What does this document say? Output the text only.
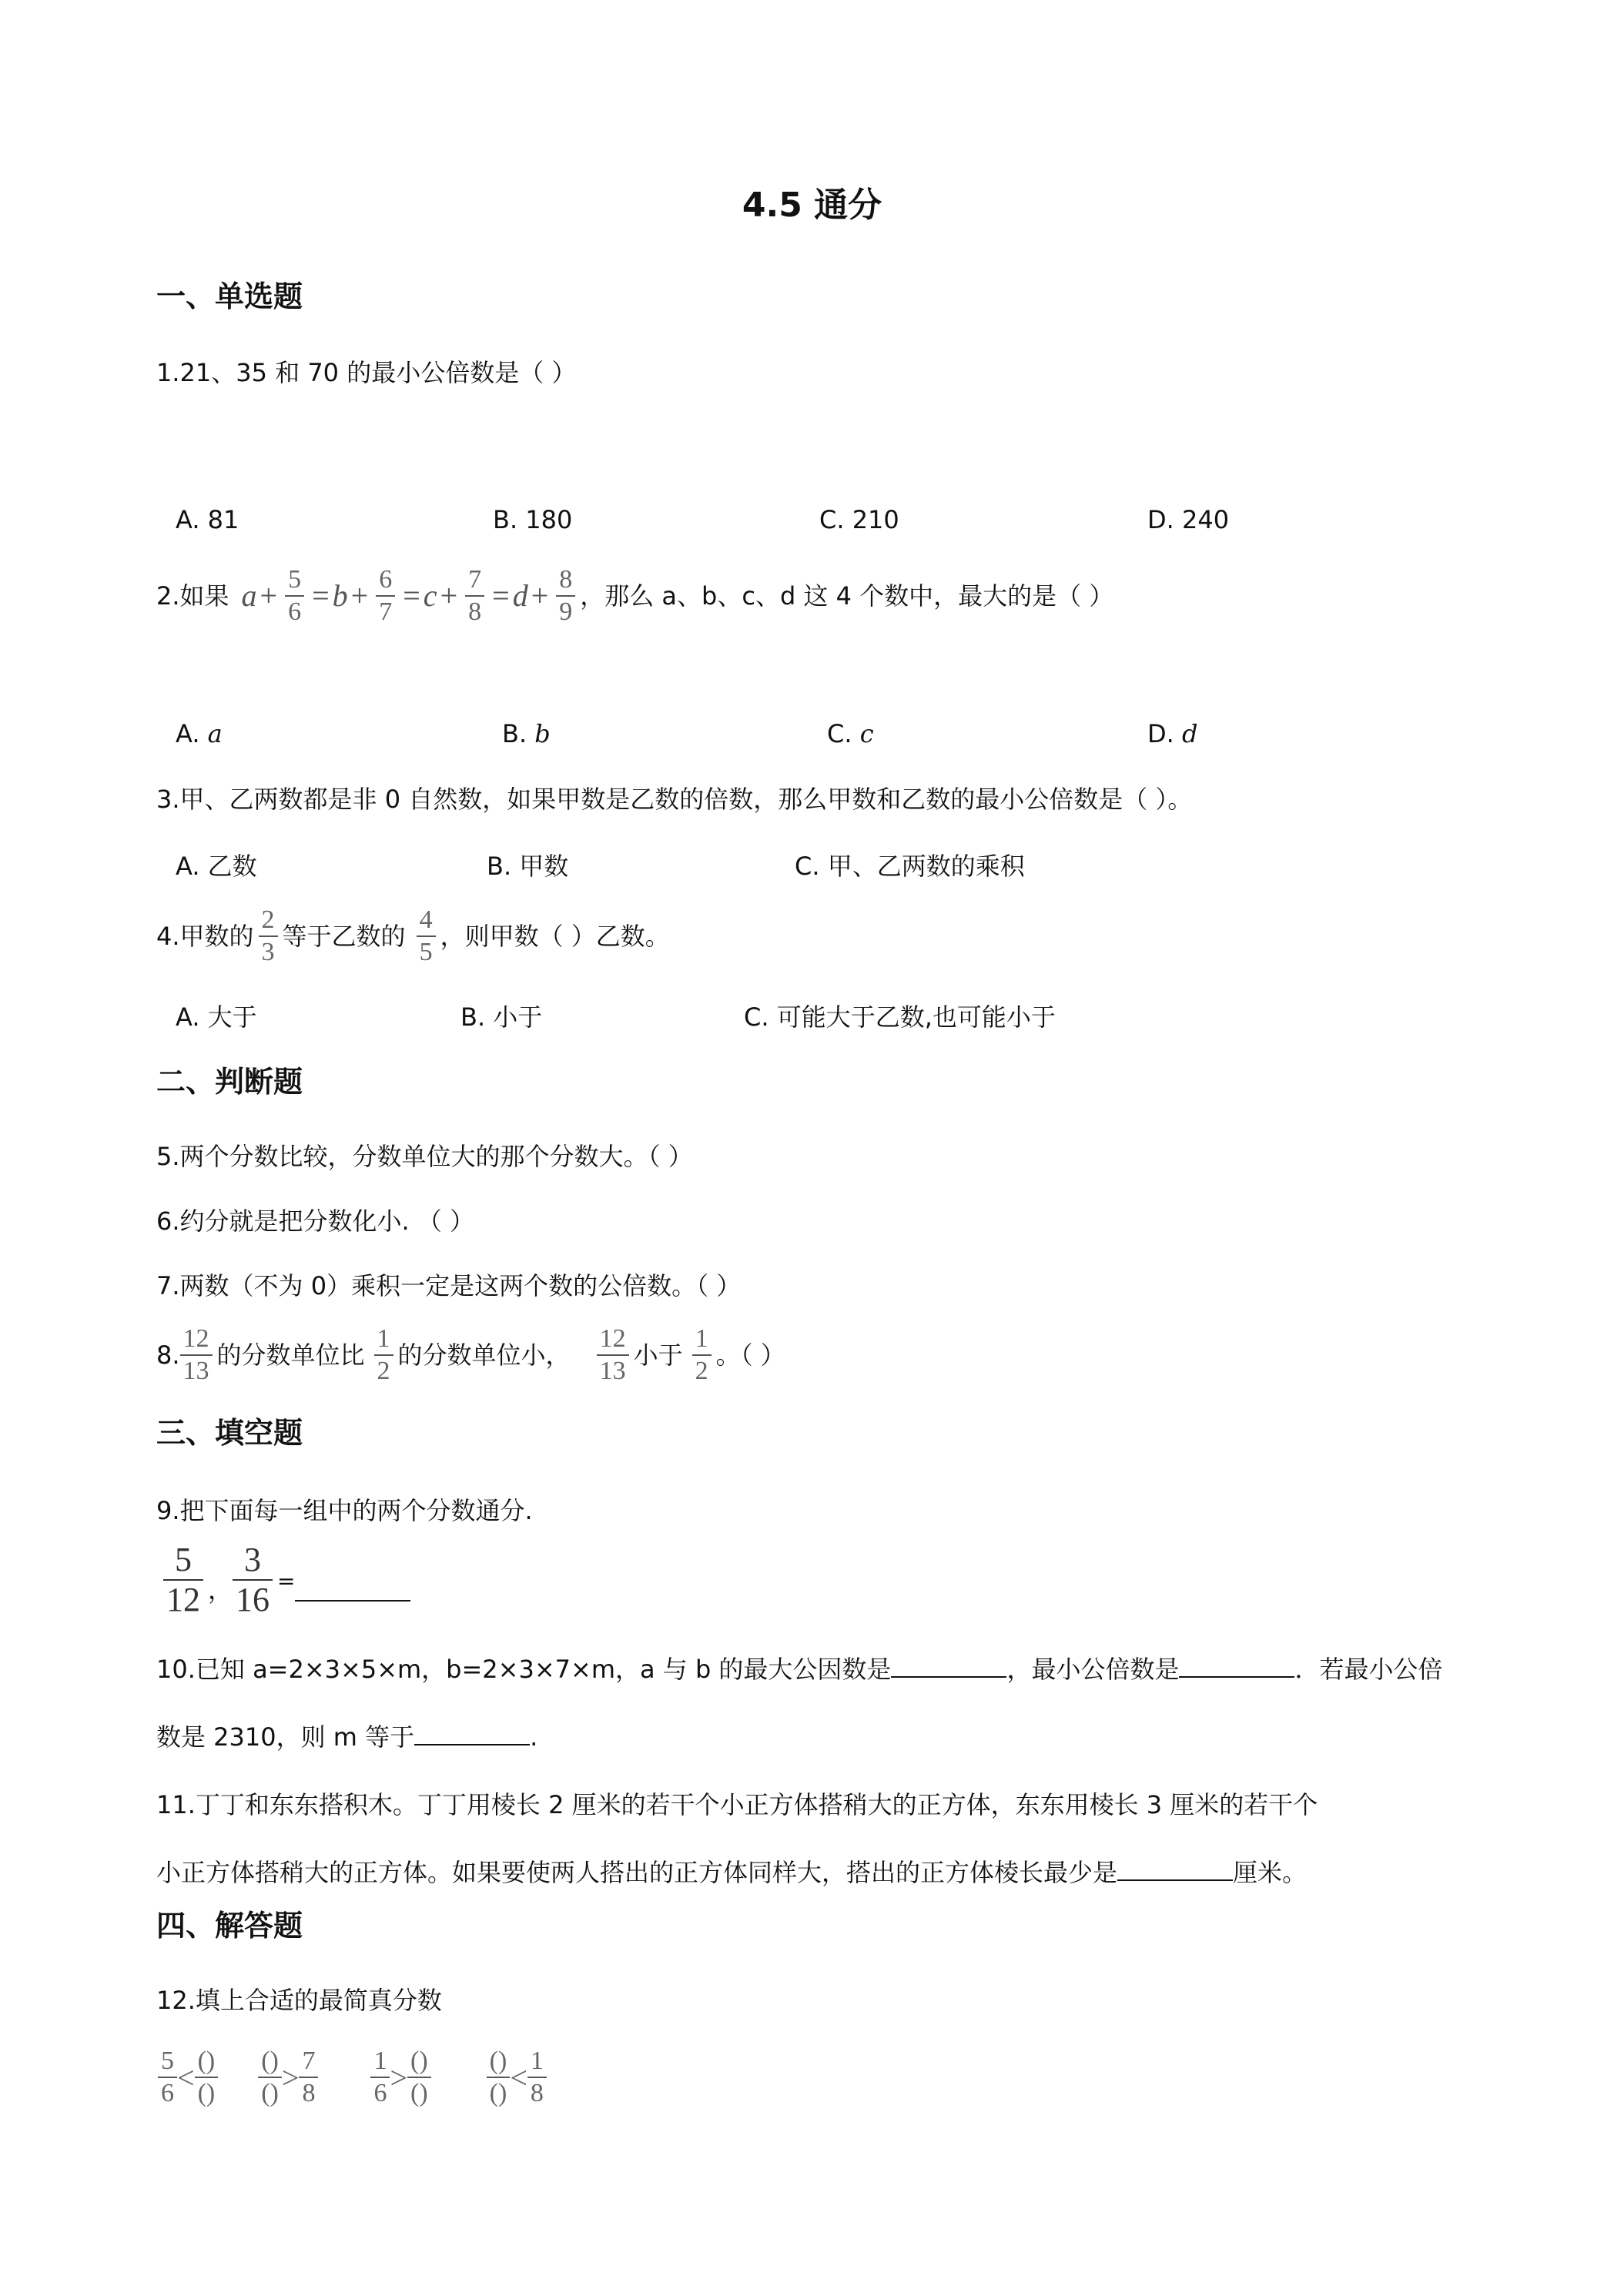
4.5 通分
一、单选题
1.21、35 和 70 的最小公倍数是（ ）
A. 81	B. 180	C. 210	D. 240
2.如果 $a + \frac{5}{6} = b + \frac{6}{7} = c + \frac{7}{8} = d + \frac{8}{9}$ ，那么 a、b、c、d 这 4 个数中，最大的是（ ）
A. a	B. b	C. c	D. d
3.甲、乙两数都是非 0 自然数，如果甲数是乙数的倍数，那么甲数和乙数的最小公倍数是（ ）。
A. 乙数	B. 甲数	C. 甲、乙两数的乘积
4.甲数的 $\frac{2}{3}$ 等于乙数的 $\frac{4}{5}$ ，则甲数（ ）乙数。
A. 大于	B. 小于	C. 可能大于乙数,也可能小于
二、判断题
5.两个分数比较，分数单位大的那个分数大。（ ）
6.约分就是把分数化小. （ ）
7.两数（不为 0）乘积一定是这两个数的公倍数。（ ）
8. $\frac{12}{13}$ 的分数单位比 $\frac{1}{2}$ 的分数单位小， $\frac{12}{13}$ 小于 $\frac{1}{2}$ 。（ ）
三、填空题
9.把下面每一组中的两个分数通分.
$\frac{5}{12}$ ， $\frac{3}{16}$ =
10.已知 a=2×3×5×m，b=2×3×7×m，a 与 b 的最大公因数是	，最小公倍数是	．若最小公倍
数是 2310，则 m 等于	.
11.丁丁和东东搭积木。丁丁用棱长 2 厘米的若干个小正方体搭稍大的正方体，东东用棱长 3 厘米的若干个
小正方体搭稍大的正方体。如果要使两人搭出的正方体同样大，搭出的正方体棱长最少是	厘米。
四、解答题
12.填上合适的最简真分数
$\frac{5}{6} < \frac{()}{()} \frac{()}{()} > \frac{7}{8} \frac{1}{6} > \frac{()}{()} \frac{()}{()} < \frac{1}{8}$
